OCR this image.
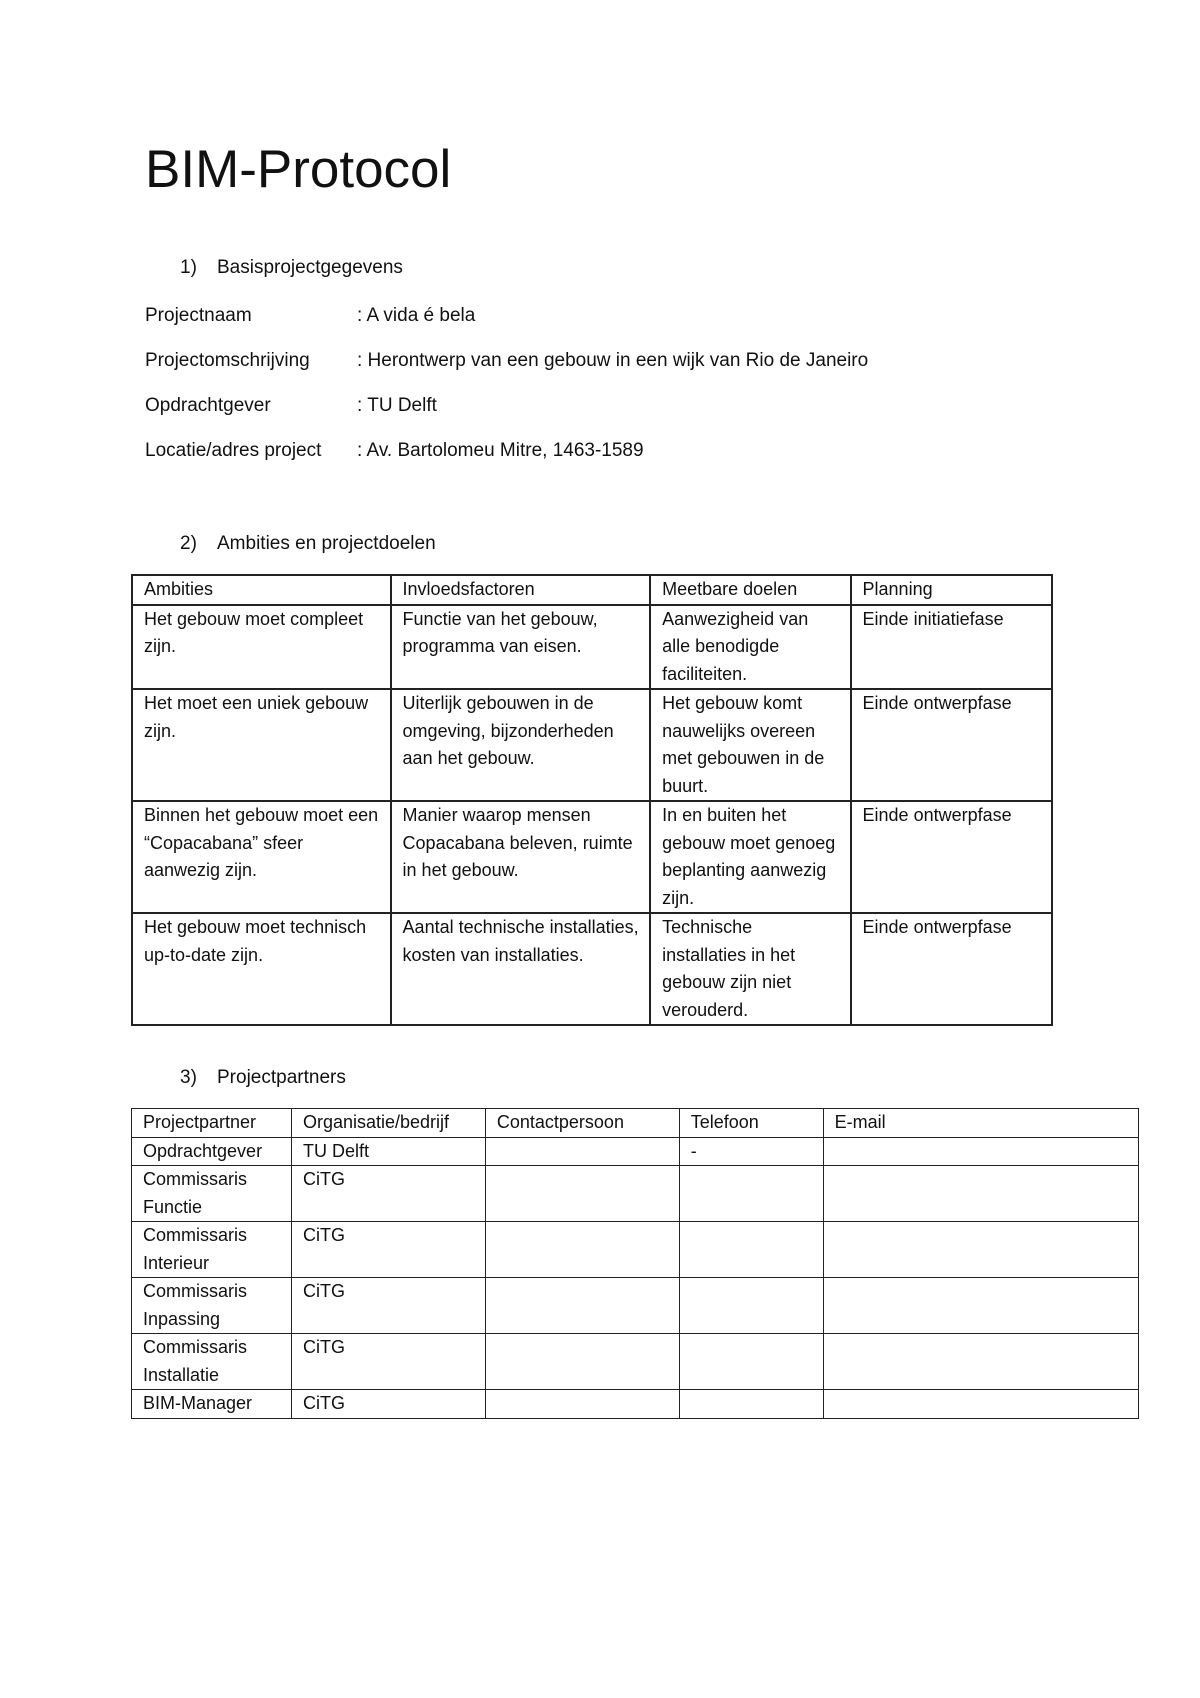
BIM-Protocol
1) Basisprojectgegevens
Projectnaam	: A vida é bela
Projectomschrijving : Herontwerp van een gebouw in een wijk van Rio de Janeiro
Opdrachtgever	: TU Delft
Locatie/adres project : Av. Bartolomeu Mitre, 1463-1589
2) Ambities en projectdoelen
Ambities	Invloedsfactoren	Meetbare doelen	Planning
Het gebouw moet compleet zijn.	Functie van het gebouw, programma van eisen.	Aanwezigheid van alle benodigde faciliteiten.	Einde initiatiefase
Het moet een uniek gebouw zijn.	Uiterlijk gebouwen in de omgeving, bijzonderheden aan het gebouw.	Het gebouw komt nauwelijks overeen met gebouwen in de buurt.	Einde ontwerpfase
Binnen het gebouw moet een “Copacabana” sfeer aanwezig zijn.	Manier waarop mensen Copacabana beleven, ruimte in het gebouw.	In en buiten het gebouw moet genoeg beplanting aanwezig zijn.	Einde ontwerpfase
Het gebouw moet technisch up-to-date zijn.	Aantal technische installaties, kosten van installaties.	Technische installaties in het gebouw zijn niet verouderd.	Einde ontwerpfase
3) Projectpartners
Projectpartner	Organisatie/bedrijf	Contactpersoon	Telefoon	E-mail
Opdrachtgever	TU Delft		-	
Commissaris Functie	CiTG			
Commissaris Interieur	CiTG			
Commissaris Inpassing	CiTG			
Commissaris Installatie	CiTG			
BIM-Manager	CiTG			
